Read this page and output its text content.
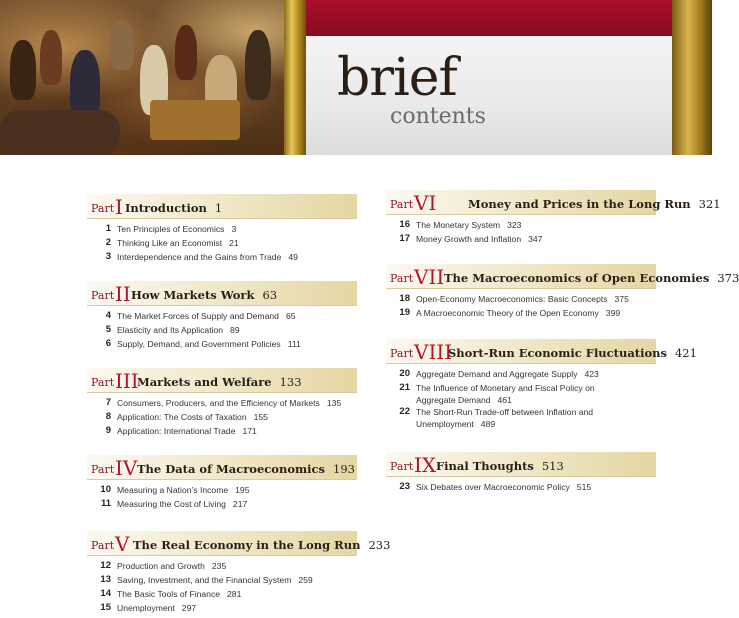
brief
contents
Part I Introduction 1
1 Ten Principles of Economics 3
2 Thinking Like an Economist 21
3 Interdependence and the Gains from Trade 49
Part II How Markets Work 63
4 The Market Forces of Supply and Demand 65
5 Elasticity and Its Application 89
6 Supply, Demand, and Government Policies 111
Part III
Markets and Welfare 133
7 Consumers, Producers, and the Efficiency of Markets 135
8 Application: The Costs of Taxation 155
9 Application: International Trade 171
Part IV The Data of Macroeconomics 193
10 Measuring a Nation’s Income 195
11 Measuring the Cost of Living 217
Part V The Real Economy in the Long Run 233
12 Production and Growth 235
13 Saving, Investment, and the Financial System 259
14 The Basic Tools of Finance 281
15 Unemployment 297
Part VI	Money and Prices in the Long Run 321
16 The Monetary System 323
17 Money Growth and Inflation 347
Part VII The Macroeconomics of Open Economies 373
18 Open-Economy Macroeconomics: Basic Concepts 375
19 A Macroeconomic Theory of the Open Economy 399
Part VIII
Short-Run Economic Fluctuations 421
20 Aggregate Demand and Aggregate Supply 423
21 The Influence of Monetary and Fiscal Policy on Aggregate Demand 461
22 The Short-Run Trade-off between Inflation and Unemployment 489
Part IX Final Thoughts 513
23 Six Debates over Macroeconomic Policy 515
